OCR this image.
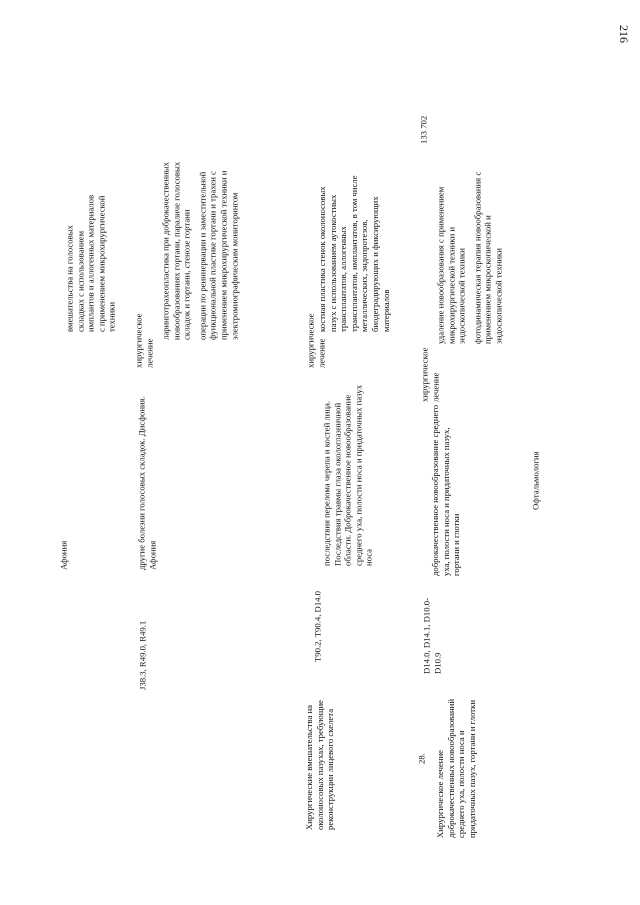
216
Афония
J38.3, R49.0, R49.1
другие болезни голосовых складок. Дисфония. Афония
хирургическое лечение
вмешательства на голосовых складках с использованием имплантов и аллогенных материалов с применением микрохирургической техники	ларинготрахеопластика при доброкачественных новообразованиях гортани, параличе голосовых складок и гортани, стенозе гортани операции по реиннервации и заместительной функциональной пластике гортани и трахеи с применением микрохирургической техники и электромиографическим мониторингом

Хирургические вмешательства на околоносовых пазухах, требующие реконструкции лицевого скелета
T90.2, T90.4, D14.0
последствия перелома черепа и костей лица. Последствия травмы глаза окологлазничной области. Доброкачественное новообразование среднего уха, полости носа и придаточных пазух носа
хирургическое лечение

костная пластика стенок околоносовых пазух с использованием аутокостных трансплантатов, аллогенных трансплантатов, имплантатов, в том числе металлических, эндопротезов, биодеградирующих и фиксирующих материалов

28. Хирургическое лечение доброкачественных новообразований среднего уха, полости носа и придаточных пазух, гортани и глотки
D14.0, D14.1, D10.0-D10.9
доброкачественное новообразование среднего уха, полости носа и придаточных пазух, гортани и глотки
хирургическое лечение

удаление новообразования с применением микрохирургической техники и эндоскопической техники фотодинамическая терапия новообразования с применением микроскопической и эндоскопической техники

133 702
Офтальмология
